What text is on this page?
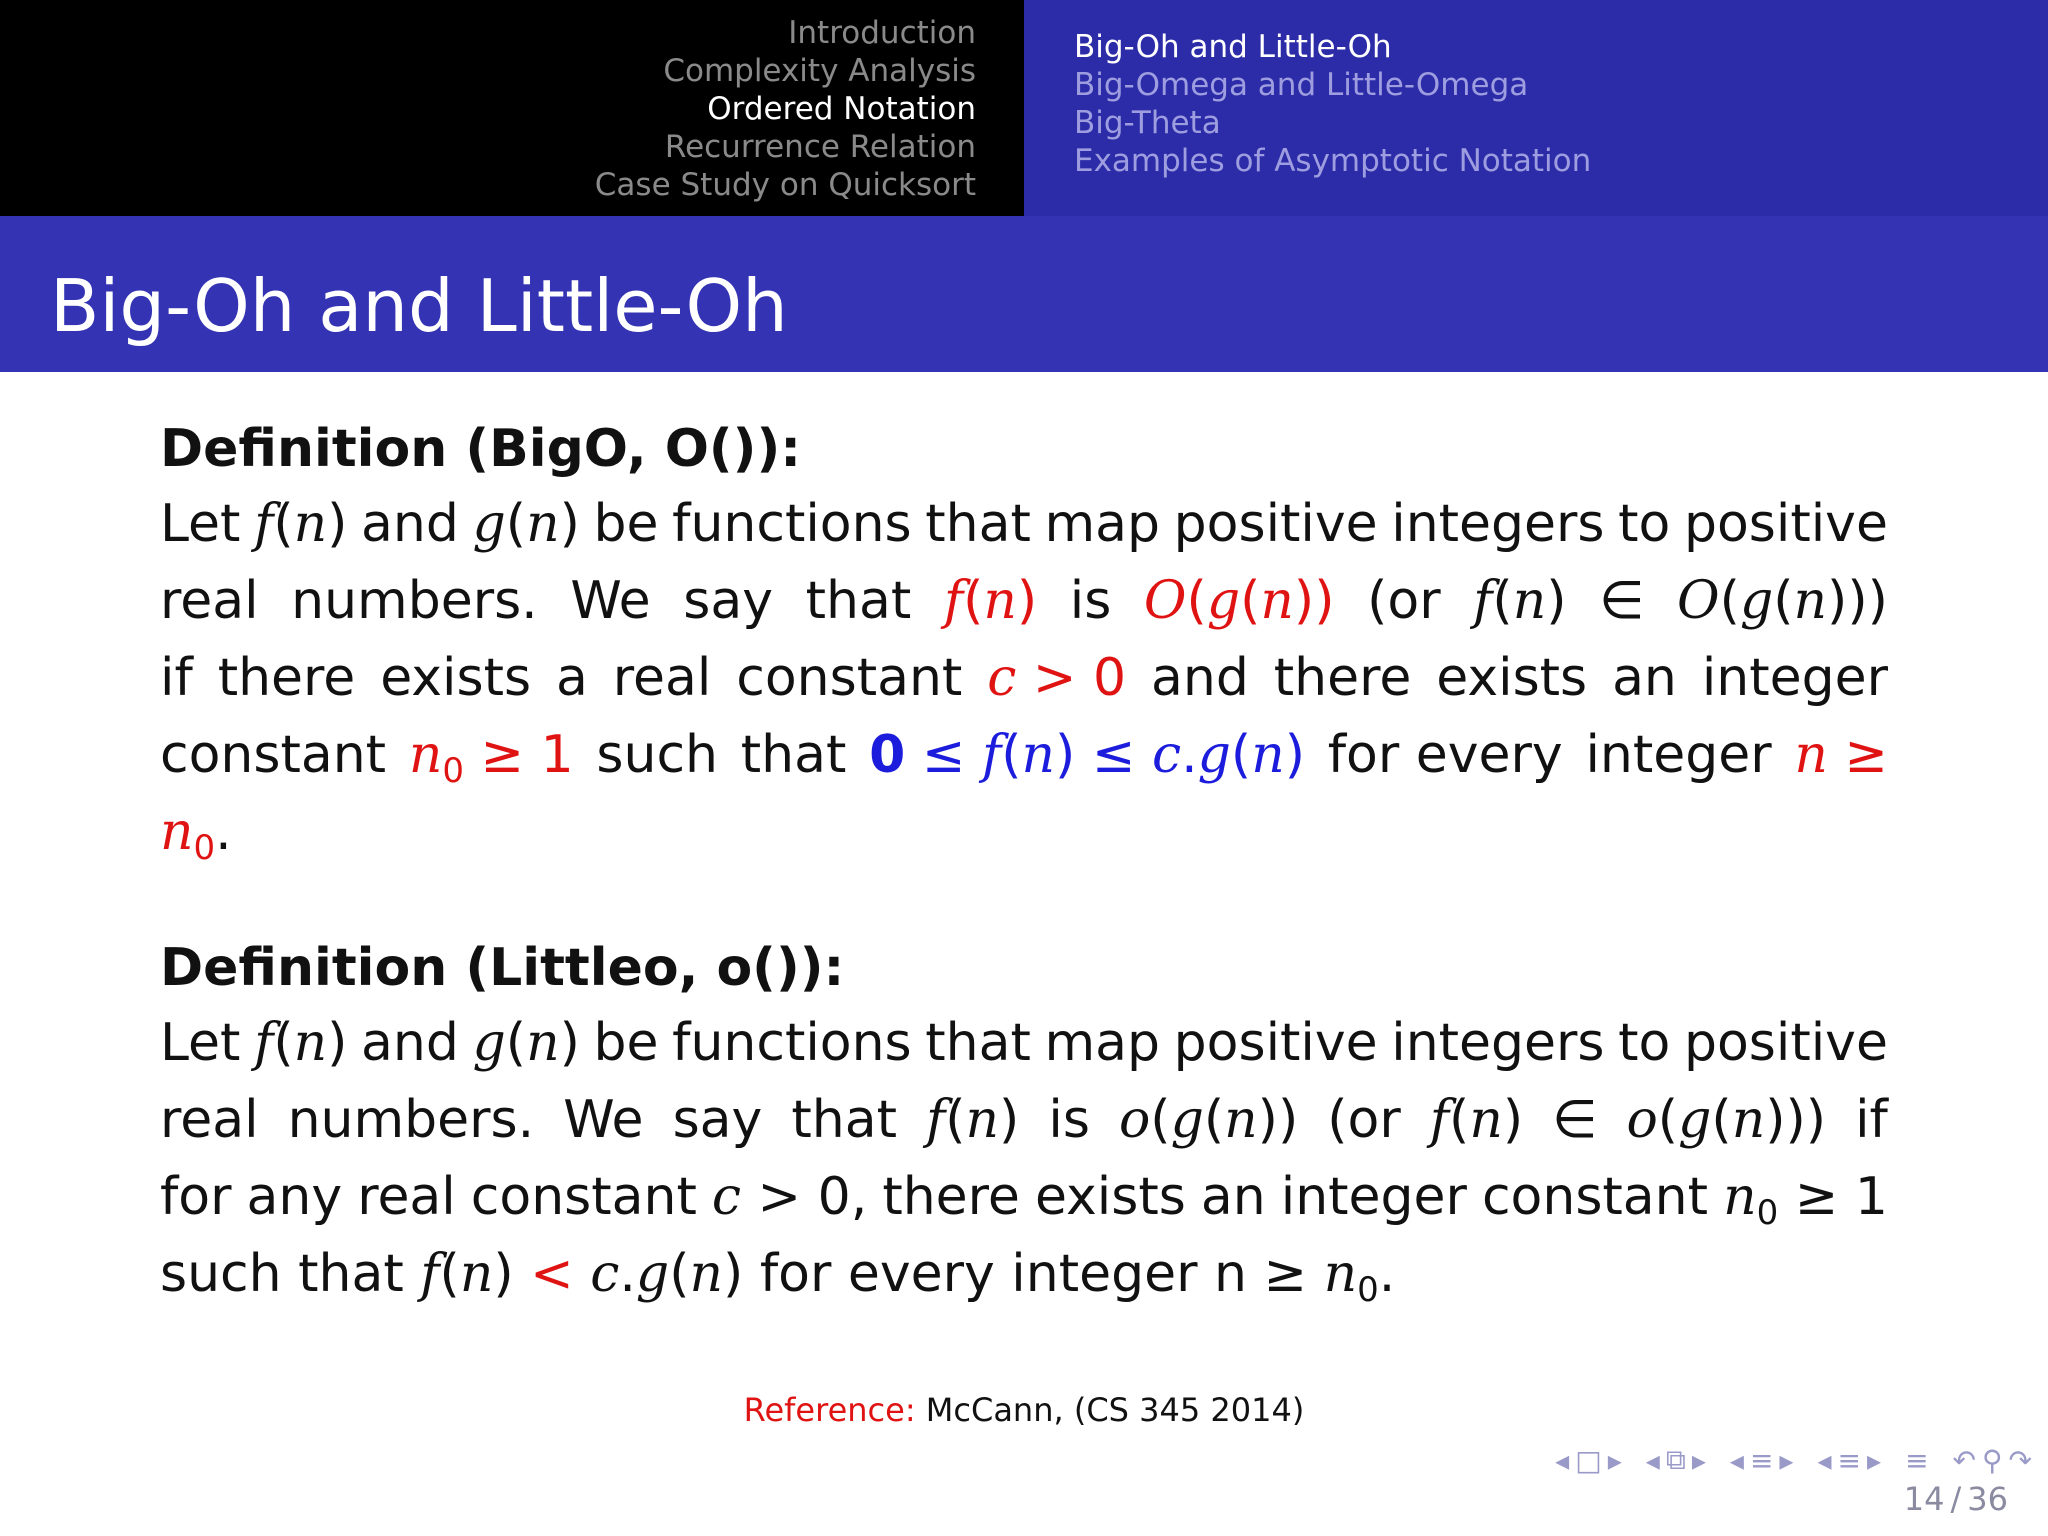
Introduction
Complexity Analysis
Ordered Notation
Recurrence Relation
Case Study on Quicksort
Big-Oh and Little-Oh
Big-Omega and Little-Omega
Big-Theta
Examples of Asymptotic Notation
Big-Oh and Little-Oh
Definition (BigO, O()):
Let f(n) and g(n) be functions that map positive integers to positive
real numbers. We say that f(n) is O(g(n)) (or f(n) ∈ O(g(n)))
if there exists a real constant c > 0 and there exists an integer
constant $n_0 \ge 1$ such that 0 ≤ f(n) ≤ c.g(n) for every integer n ≥
$n_0$.
Definition (Littleo, o()):
Let f(n) and g(n) be functions that map positive integers to positive
real numbers. We say that f(n) is o(g(n)) (or f(n) ∈ o(g(n))) if
for any real constant c > 0, there exists an integer constant $n_0 \ge 1$
such that f(n) < c.g(n) for every integer $n \ge n_0$.
Reference: McCann, (CS 345 2014)
◂ □ ▸ ◂ ⧉ ▸ ◂ ≡ ▸ ◂ ≡ ▸ ≡ ↶ ⚲ ↷
14 / 36
